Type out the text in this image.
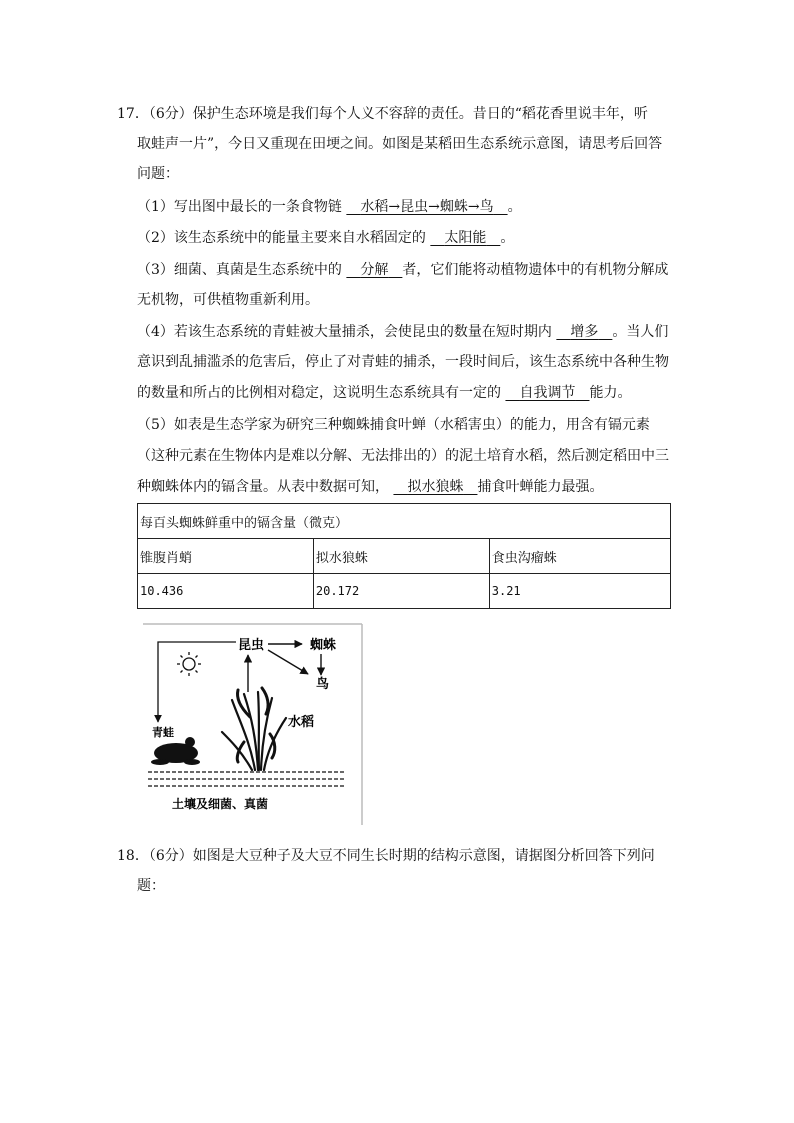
17．（6分）保护生态环境是我们每个人义不容辞的责任。昔日的“稻花香里说丰年，听
取蛙声一片”，今日又重现在田埂之间。如图是某稻田生态系统示意图，请思考后回答
问题：
（1）写出图中最长的一条食物链   水稻→昆虫→蜘蛛→鸟  。
（2）该生态系统中的能量主要来自水稻固定的   太阳能  。
（3）细菌、真菌是生态系统中的   分解  者，它们能将动植物遗体中的有机物分解成
无机物，可供植物重新利用。
（4）若该生态系统的青蛙被大量捕杀，会使昆虫的数量在短时期内   增多  。当人们
意识到乱捕滥杀的危害后，停止了对青蛙的捕杀，一段时间后，该生态系统中各种生物
的数量和所占的比例相对稳定，这说明生态系统具有一定的   自我调节  能力。
（5）如表是生态学家为研究三种蜘蛛捕食叶蝉（水稻害虫）的能力，用含有镉元素
（这种元素在生物体内是难以分解、无法排出的）的泥土培育水稻，然后测定稻田中三
种蜘蛛体内的镉含量。从表中数据可知，   拟水狼蛛  捕食叶蝉能力最强。
每百头蜘蛛鲜重中的镉含量（微克）		
锥腹肖蛸	拟水狼蛛	食虫沟瘤蛛
10.436	20.172	3.21
昆虫	蜘蛛
鸟
水稻
青蛙
土壤及细菌、真菌
18．（6分）如图是大豆种子及大豆不同生长时期的结构示意图，请据图分析回答下列问
题：
